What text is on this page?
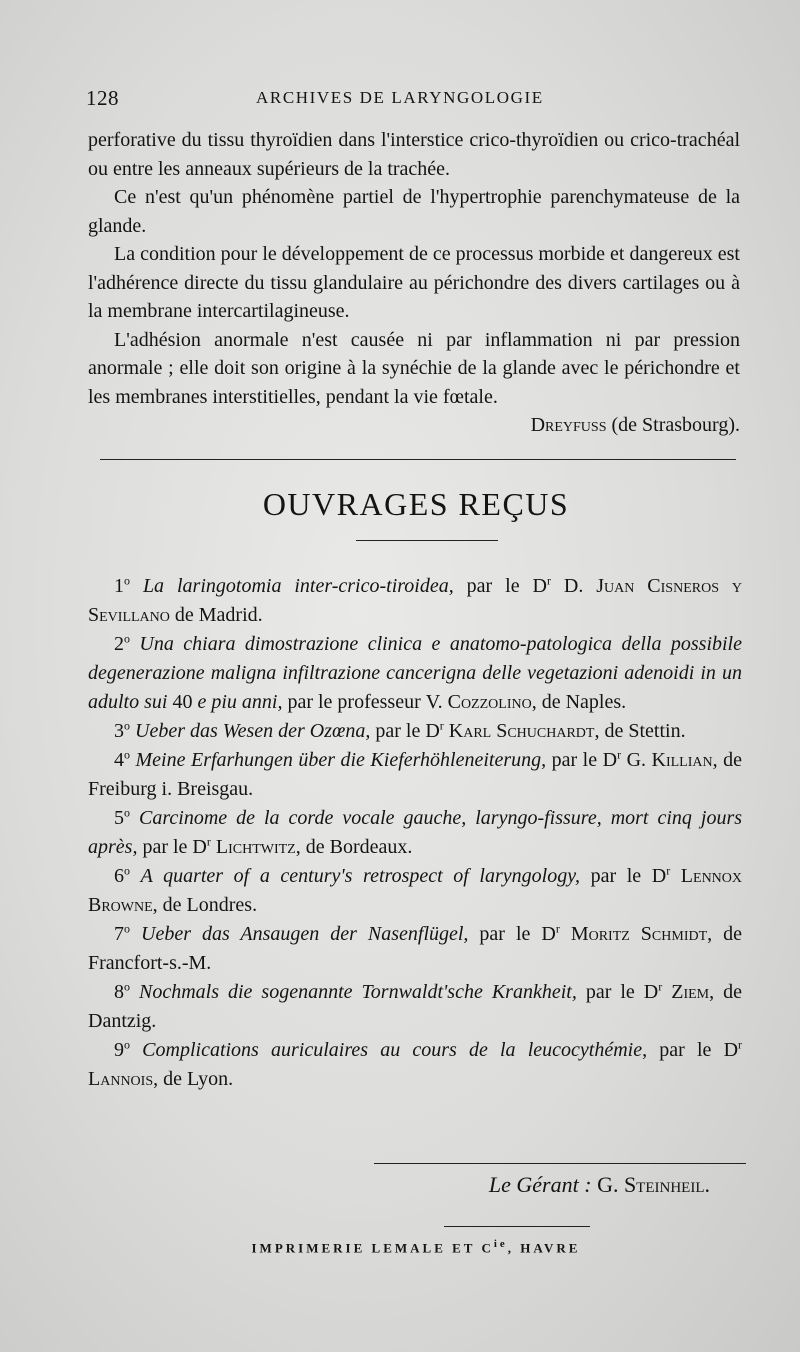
128	ARCHIVES DE LARYNGOLOGIE

perforative du tissu thyroïdien dans l'interstice crico-thyroïdien ou crico-trachéal ou entre les anneaux supérieurs de la trachée.

Ce n'est qu'un phénomène partiel de l'hypertrophie parenchymateuse de la glande.

La condition pour le développement de ce processus morbide et dangereux est l'adhérence directe du tissu glandulaire au périchondre des divers cartilages ou à la membrane intercartilagineuse.

L'adhésion anormale n'est causée ni par inflammation ni par pression anormale ; elle doit son origine à la synéchie de la glande avec le périchondre et les membranes interstitielles, pendant la vie fœtale.

Dreyfuss (de Strasbourg).

OUVRAGES REÇUS

1$^o$ La laringotomia inter-crico-tiroidea, par le $D^r$ D. Juan Cisneros y Sevillano de Madrid.

2$^o$ Una chiara dimostrazione clinica e anatomo-patologica della possibile degenerazione maligna infiltrazione cancerigna delle vegetazioni adenoidi in un adulto sui 40 e piu anni, par le professeur V. Cozzolino, de Naples.

3$^o$ Ueber das Wesen der Ozœna, par le $D^r$ Karl Schuchardt, de Stettin.

4$^o$ Meine Erfarhungen über die Kieferhöhleneiterung, par le $D^r$ G. Killian, de Freiburg i. Breisgau.

5$^o$ Carcinome de la corde vocale gauche, laryngo-fissure, mort cinq jours après, par le $D^r$ Lichtwitz, de Bordeaux.

6$^o$ A quarter of a century's retrospect of laryngology, par le $D^r$ Lennox Browne, de Londres.

7$^o$ Ueber das Ansaugen der Nasenflügel, par le $D^r$ Moritz Schmidt, de Francfort-s.-M.

8$^o$ Nochmals die sogenannte Tornwaldt'sche Krankheit, par le $D^r$ Ziem, de Dantzig.

9$^o$ Complications auriculaires au cours de la leucocythémie, par le $D^r$ Lannois, de Lyon.

Le Gérant : G. Steinheil.
IMPRIMERIE LEMALE ET $C^{ie}$, HAVRE
